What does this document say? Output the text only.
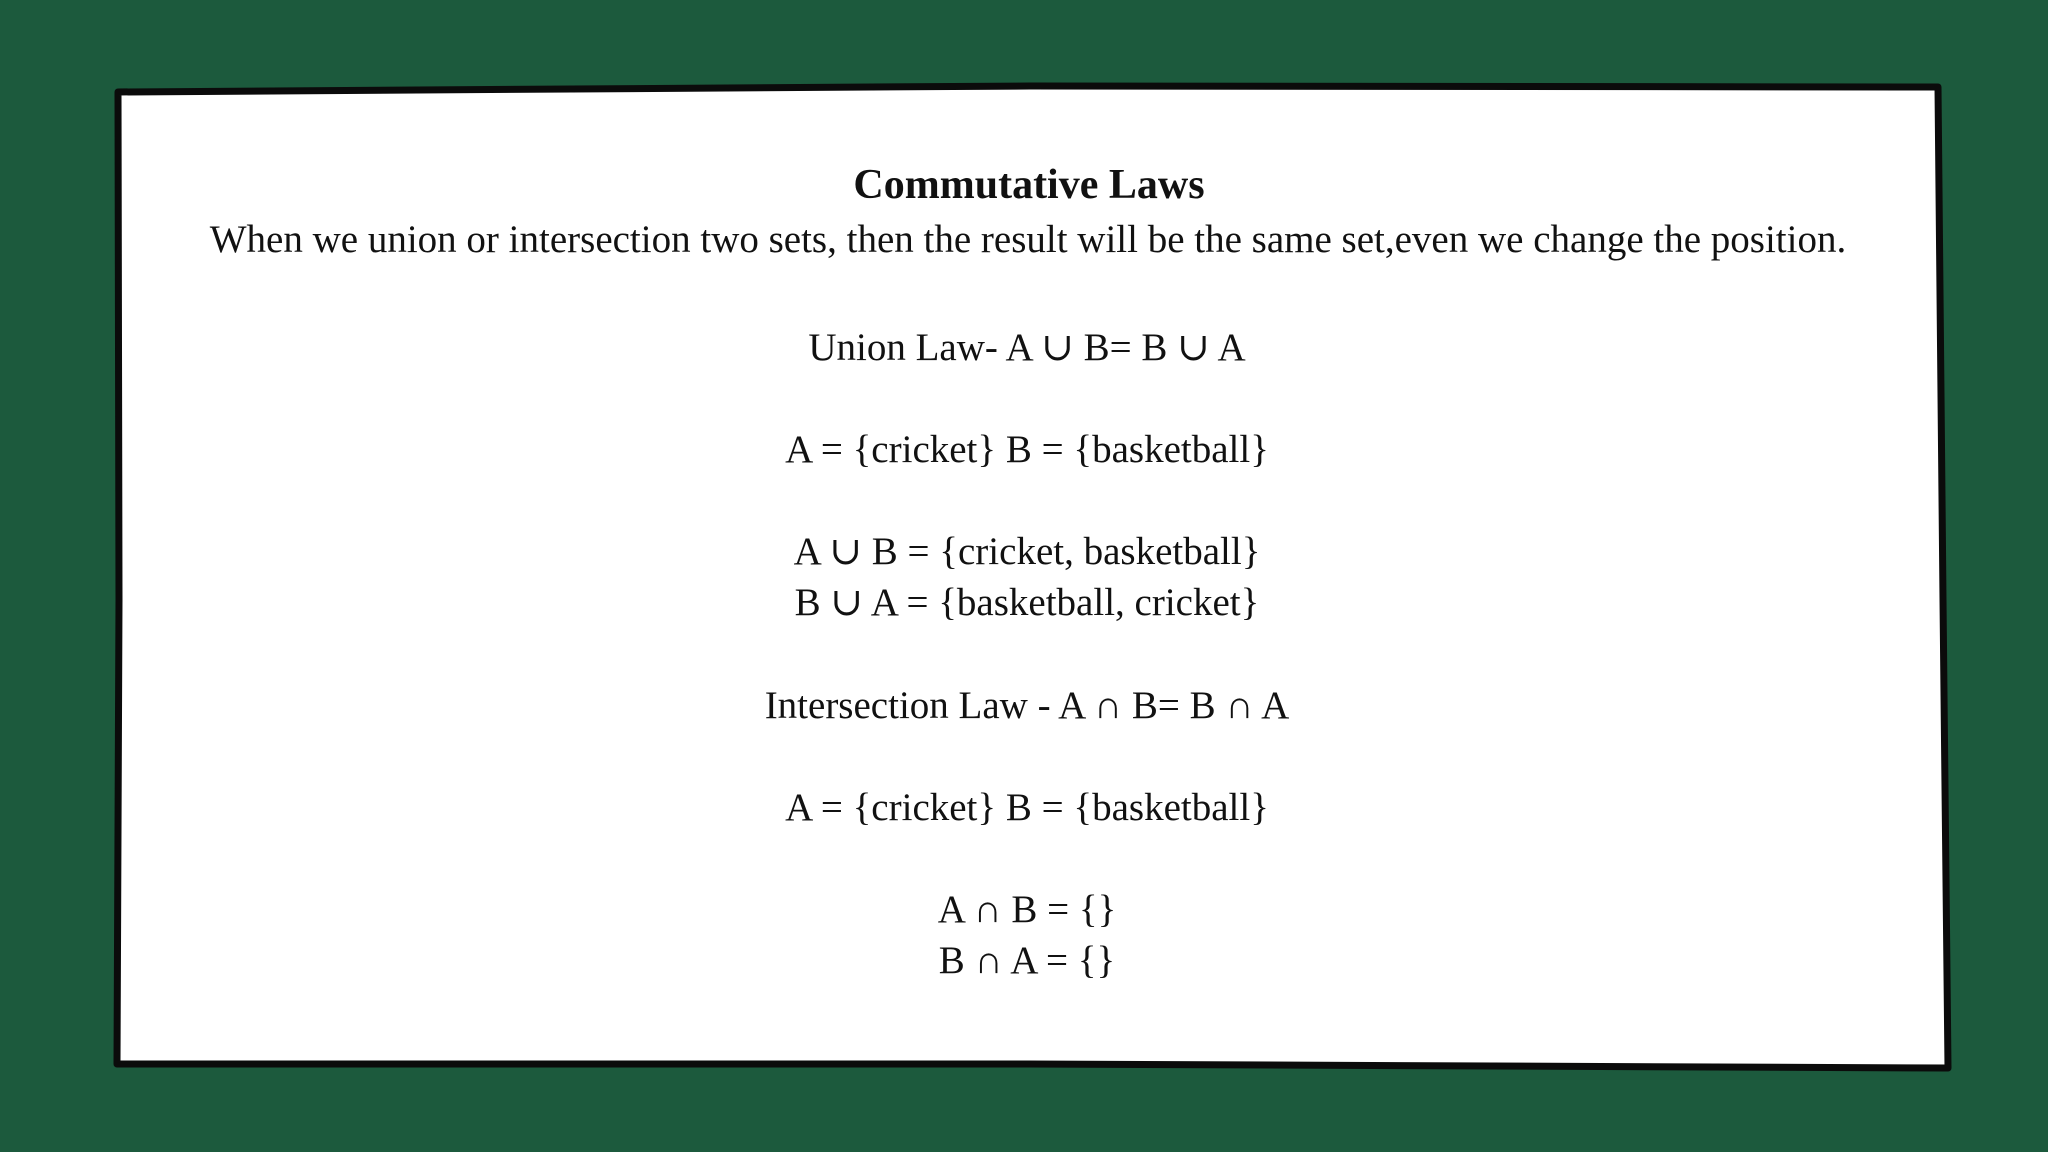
Commutative Laws
When we union or intersection two sets, then the result will be the same set,even we change the position.
Union Law- A ∪ B= B ∪ A
A = {cricket} B = {basketball}
A ∪ B = {cricket, basketball}
B ∪ A = {basketball, cricket}
Intersection Law - A ∩ B= B ∩ A
A = {cricket} B = {basketball}
A ∩ B = {}
B ∩ A = {}
